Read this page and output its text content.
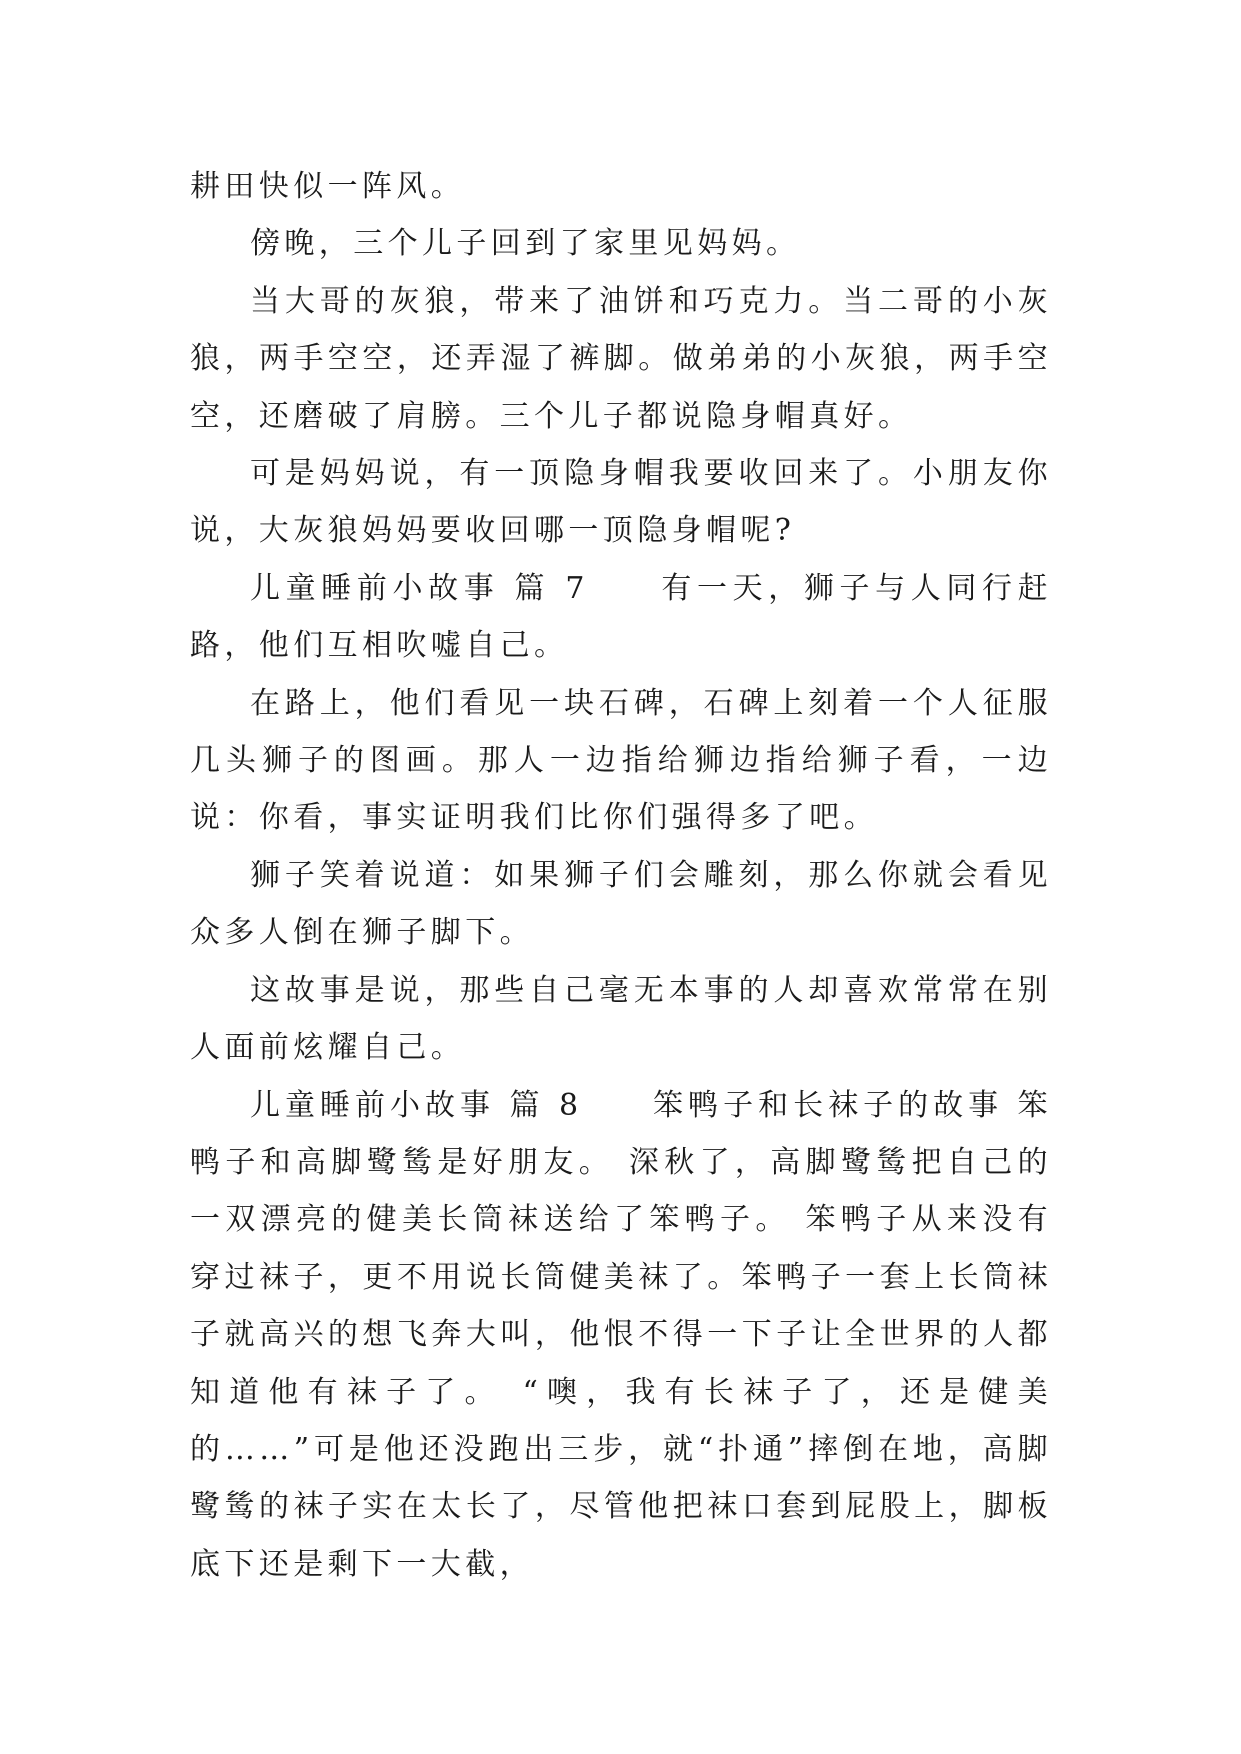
耕田快似一阵风。

傍晚，三个儿子回到了家里见妈妈。

当大哥的灰狼，带来了油饼和巧克力。当二哥的小灰狼，两手空空，还弄湿了裤脚。做弟弟的小灰狼，两手空空，还磨破了肩膀。三个儿子都说隐身帽真好。

可是妈妈说，有一顶隐身帽我要收回来了。小朋友你说，大灰狼妈妈要收回哪一顶隐身帽呢?

儿童睡前小故事 篇 7　　有一天，狮子与人同行赶路，他们互相吹嘘自己。

在路上，他们看见一块石碑，石碑上刻着一个人征服几头狮子的图画。那人一边指给狮边指给狮子看，一边说：你看，事实证明我们比你们强得多了吧。

狮子笑着说道：如果狮子们会雕刻，那么你就会看见众多人倒在狮子脚下。

这故事是说，那些自己毫无本事的人却喜欢常常在别人面前炫耀自己。

儿童睡前小故事 篇 8　　笨鸭子和长袜子的故事 笨鸭子和高脚鹭鸶是好朋友。 深秋了，高脚鹭鸶把自己的一双漂亮的健美长筒袜送给了笨鸭子。 笨鸭子从来没有穿过袜子，更不用说长筒健美袜了。笨鸭子一套上长筒袜子就高兴的想飞奔大叫，他恨不得一下子让全世界的人都知道他有袜子了。 “噢，我有长袜子了，还是健美的……”可是他还没跑出三步，就“扑通”摔倒在地，高脚鹭鸶的袜子实在太长了，尽管他把袜口套到屁股上，脚板底下还是剩下一大截，
